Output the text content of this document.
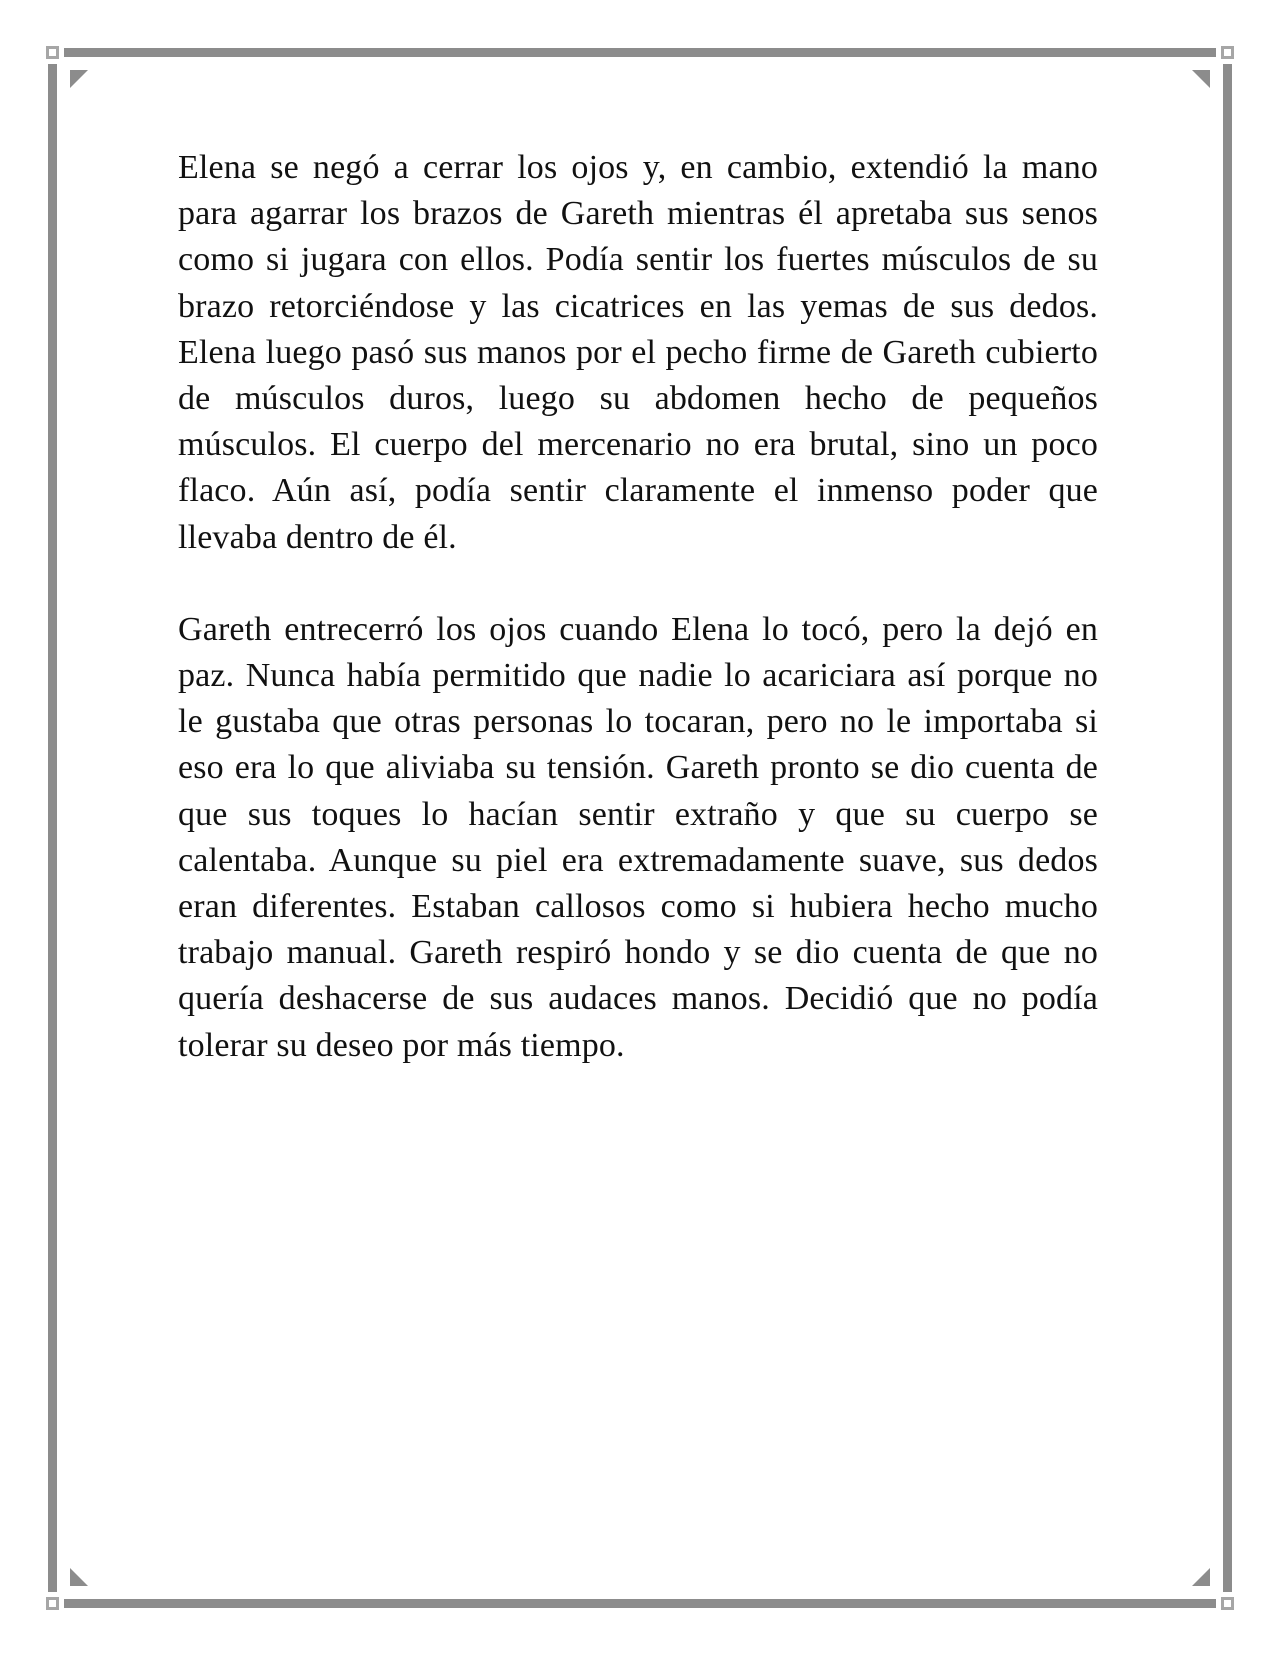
Elena se negó a cerrar los ojos y, en cambio, extendió la mano para agarrar los brazos de Gareth mientras él apretaba sus senos como si jugara con ellos. Podía sentir los fuertes músculos de su brazo retorciéndose y las cicatrices en las yemas de sus dedos. Elena luego pasó sus manos por el pecho firme de Gareth cubierto de músculos duros, luego su abdomen hecho de pequeños músculos. El cuerpo del mercenario no era brutal, sino un poco flaco. Aún así, podía sentir claramente el inmenso poder que llevaba dentro de él.

Gareth entrecerró los ojos cuando Elena lo tocó, pero la dejó en paz. Nunca había permitido que nadie lo acariciara así porque no le gustaba que otras personas lo tocaran, pero no le importaba si eso era lo que aliviaba su tensión. Gareth pronto se dio cuenta de que sus toques lo hacían sentir extraño y que su cuerpo se calentaba. Aunque su piel era extremadamente suave, sus dedos eran diferentes. Estaban callosos como si hubiera hecho mucho trabajo manual. Gareth respiró hondo y se dio cuenta de que no quería deshacerse de sus audaces manos. Decidió que no podía tolerar su deseo por más tiempo.
